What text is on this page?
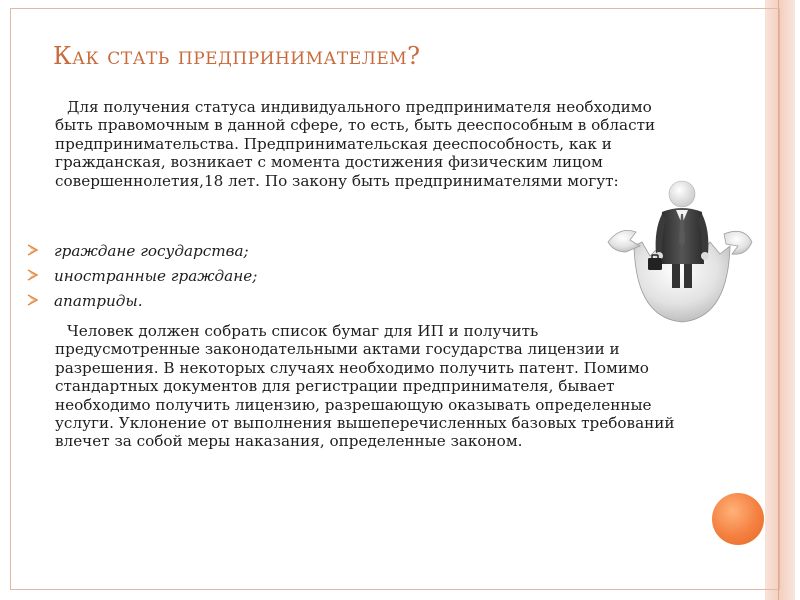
Как стать предпринимателем?

Для получения статуса индивидуального предпринимателя необходимо быть правомочным в данной сфере, то есть, быть дееспособным в области предпринимательства. Предпринимательская дееспособность, как и гражданская, возникает с момента достижения физическим лицом совершеннолетия,18 лет. По закону быть предпринимателями могут:

граждане государства;
иностранные граждане;
апатриды.

Человек должен собрать список бумаг для ИП и получить предусмотренные законодательными актами государства лицензии и разрешения. В некоторых случаях необходимо получить патент. Помимо стандартных документов для регистрации предпринимателя, бывает необходимо получить лицензию, разрешающую оказывать определенные услуги. Уклонение от выполнения вышеперечисленных базовых требований влечет за собой меры наказания, определенные законом.
